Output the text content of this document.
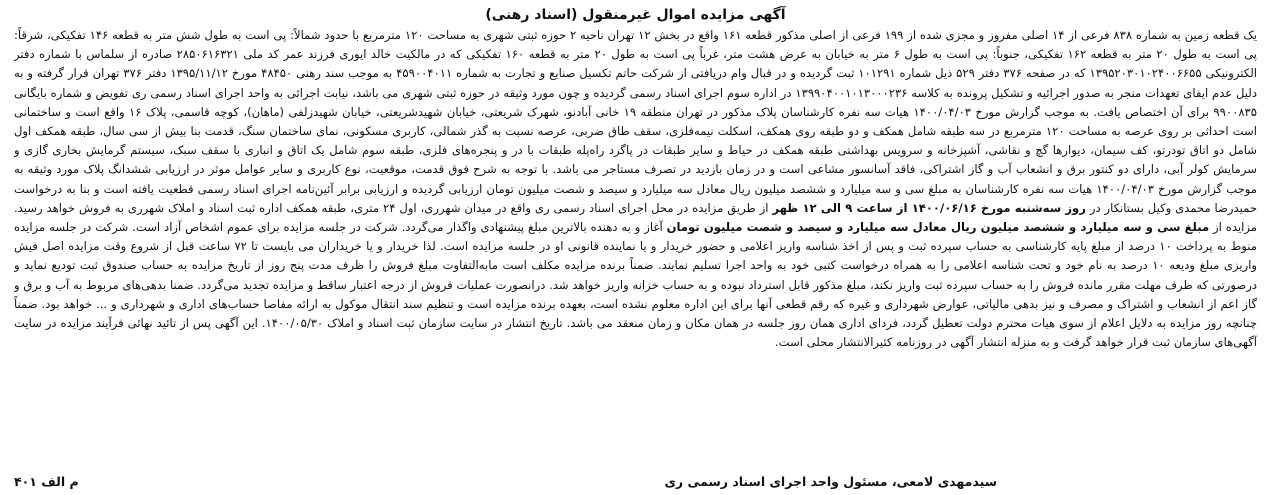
آگهی مزایده اموال غیرمنقول (اسناد رهنی)

یک قطعه زمین به شماره ۸۳۸ فرعی از ۱۴ اصلی مفروز و مجزی شده از ۱۹۹ فرعی از اصلی مذکور قطعه ۱۶۱ واقع در بخش ۱۲ تهران ناحیه ۲ حوزه ثبتی شهری به مساحت ۱۲۰ مترمربع با حدود شمالاً: پی است به طول شش متر به قطعه ۱۴۶ تفکیکی، شرقاً: پی است به طول ۲۰ متر به قطعه ۱۶۲ تفکیکی، جنوباً: پی است به طول ۶ متر به خیابان به عرض هشت متر، غرباً پی است به طول ۲۰ متر به قطعه ۱۶۰ تفکیکی که در مالکیت خالد ایوری فرزند عمر کد ملی ۲۸۵۰۶۱۶۳۲۱ صادره از سلماس با شماره دفتر الکترونیکی ۱۳۹۵۲۰۳۰۱۰۲۴۰۰۶۶۵۵ که در صفحه ۳۷۶ دفتر ۵۲۹ ذیل شماره ۱۰۱۲۹۱ ثبت گردیده و در قبال وام دریافتی از شرکت حاتم تکسیل صنایع و تجارت به شماره ۴۵۹۰۰۴۰۱۱ به موجب سند رهنی ۴۸۴۵۰ مورخ ۱۳۹۵/۱۱/۱۲ دفتر ۳۷۶ تهران قرار گرفته و به دلیل عدم ایفای تعهدات منجر به صدور اجرائیه و تشکیل پرونده به کلاسه ۱۳۹۹۰۴۰۰۱۰۱۳۰۰۰۲۳۶ در اداره سوم اجرای اسناد رسمی گردیده و چون مورد وثیقه در حوزه ثبتی شهری می باشد، نیابت اجرائی به واحد اجرای اسناد رسمی ری تفویض و شماره بایگانی ۹۹۰۰۸۳۵ برای آن اختصاص یافت. به موجب گزارش مورخ ۱۴۰۰/۰۴/۰۳ هیات سه نفره کارشناسان پلاک مذکور در تهران منطقه ۱۹ خانی آبادنو، شهرک شریعتی، خیابان شهیدشریعتی، خیابان شهیدزلفی (ماهان)، کوچه قاسمی، پلاک ۱۶ واقع است و ساختمانی است احداثی بر روی عرصه به مساحت ۱۲۰ مترمربع در سه طبقه شامل همکف و دو طبقه روی همکف، اسکلت نیمه‌فلزی، سقف طاق ضربی، عرصه نسبت به گذر شمالی، کاربری مسکونی، نمای ساختمان سنگ، قدمت بنا بیش از سی سال، طبقه همکف اول شامل دو اتاق تودرتو، کف سیمان، دیوارها گچ و نقاشی، آشپزخانه و سرویس بهداشتی طبقه همکف در حیاط و سایر طبقات در پاگرد راه‌پله طبقات با در و پنجره‌های فلزی، طبقه سوم شامل یک اتاق و انباری با سقف سبک، سیستم گرمایش بخاری گازی و سرمایش کولر آبی، دارای دو کنتور برق و انشعاب آب و گاز اشتراکی، فاقد آسانسور مشاعی است و در زمان بازدید در تصرف مستاجر می باشد. با توجه به شرح فوق قدمت، موقعیت، نوع کاربری و سایر عوامل موثر در ارزیابی ششدانگ پلاک مورد وثیقه به موجب گزارش مورخ ۱۴۰۰/۰۴/۰۳ هیات سه نفره کارشناسان به مبلغ سی و سه میلیارد و ششصد میلیون ریال معادل سه میلیارد و سیصد و شصت میلیون تومان ارزیابی گردیده و ارزیابی برابر آئین‌نامه اجرای اسناد رسمی قطعیت یافته است و بنا به درخواست حمیدرضا محمدی وکیل بستانکار در

روز سه‌شنبه مورخ ۱۴۰۰/۰۶/۱۶ از ساعت ۹ الی ۱۲ ظهر

از طریق مزایده در محل اجرای اسناد رسمی ری واقع در میدان شهرری، اول ۲۴ متری، طبقه همکف اداره ثبت اسناد و املاک شهرری به فروش خواهد رسید. مزایده از

مبلغ سی و سه میلیارد و ششصد میلیون ریال معادل سه میلیارد و سیصد و شصت میلیون تومان

آغاز و به دهنده بالاترین مبلغ پیشنهادی واگذار می‌گردد. شرکت در جلسه مزایده برای عموم اشخاص آزاد است. شرکت در جلسه مزایده منوط به پرداخت ۱۰ درصد از مبلغ پایه کارشناسی به حساب سپرده ثبت و پس از اخذ شناسه واریز اعلامی و حضور خریدار و یا نماینده قانونی او در جلسه مزایده است. لذا خریدار و یا خریداران می بایست تا ۷۲ ساعت قبل از شروع وقت مزایده اصل فیش واریزی مبلغ ودیعه ۱۰ درصد به نام خود و تحت شناسه اعلامی را به همراه درخواست کتبی خود به واحد اجرا تسلیم نمایند. ضمناً برنده مزایده مکلف است مابه‌التفاوت مبلغ فروش را ظرف مدت پنج روز از تاریخ مزایده به حساب صندوق ثبت تودیع نماید و درصورتی که ظرف مهلت مقرر مانده فروش را به حساب سپرده ثبت واریز نکند، مبلغ مذکور قابل استرداد نبوده و به حساب خزانه واریز خواهد شد. درانصورت عملیات فروش از درجه اعتبار ساقط و مزایده تجدید می‌گردد. ضمنا بدهی‌های مربوط به آب و برق و گاز اعم از انشعاب و اشتراک و مصرف و نیز بدهی مالیاتی، عوارض شهرداری و غیره که رقم قطعی آنها برای این اداره معلوم نشده است، بعهده برنده مزایده است و تنظیم سند انتقال موکول به ارائه مفاصا حساب‌های اداری و شهرداری و ... خواهد بود. ضمناً چنانچه روز مزایده به دلایل اعلام از سوی هیات محترم دولت تعطیل گردد، فردای اداری همان روز جلسه در همان مکان و زمان منعقد می باشد. تاریخ انتشار در سایت سازمان ثبت اسناد و املاک ۱۴۰۰/۰۵/۳۰. این آگهی پس از تائید نهائی فرآیند مزایده در سایت آگهی‌های سازمان ثبت قرار خواهد گرفت و به منزله انتشار آگهی در روزنامه کثیرالانتشار محلی است.

سیدمهدی لامعی، مسئول واحد اجرای اسناد رسمی ری
م الف ۴۰۱
